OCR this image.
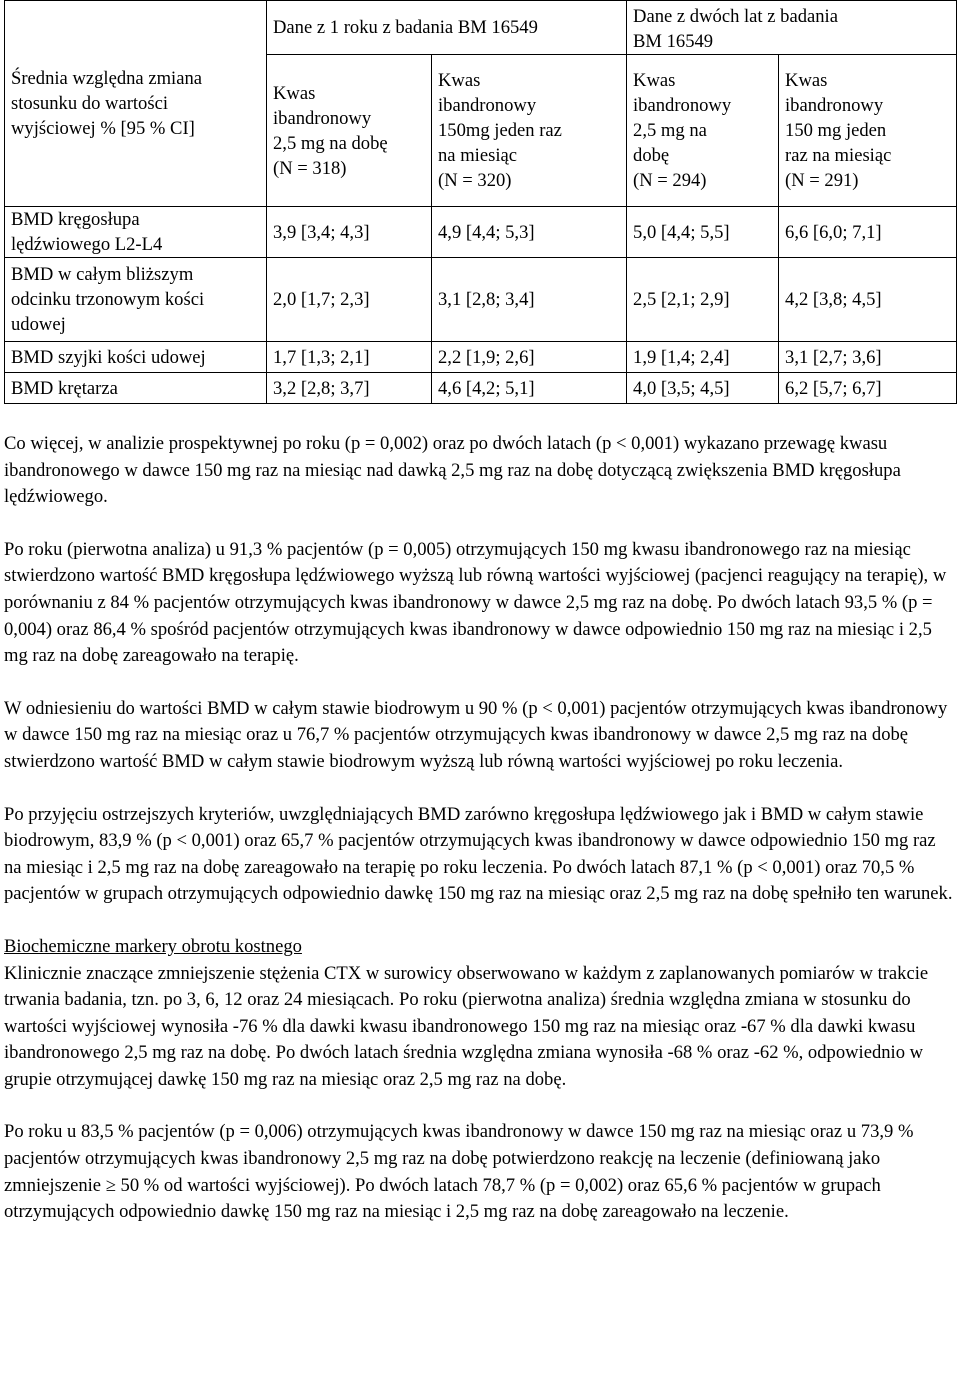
Średnia względna zmiana
stosunku do wartości
wyjściowej % [95 % CI]	Dane z 1 roku z badania BM 16549		Dane z dwóch lat z badania
BM 16549	
	Kwas
ibandronowy
2,5 mg na dobę
(N = 318)	Kwas
ibandronowy
150mg jeden raz
na miesiąc
(N = 320)	Kwas
ibandronowy
2,5 mg na
dobę
(N = 294)	Kwas
ibandronowy
150 mg jeden
raz na miesiąc
(N = 291)
BMD kręgosłupa
lędźwiowego L2-L4	3,9 [3,4; 4,3]	4,9 [4,4; 5,3]	5,0 [4,4; 5,5]	6,6 [6,0; 7,1]
BMD w całym bliższym
odcinku trzonowym kości
udowej	2,0 [1,7; 2,3]	3,1 [2,8; 3,4]	2,5 [2,1; 2,9]	4,2 [3,8; 4,5]
BMD szyjki kości udowej	1,7 [1,3; 2,1]	2,2 [1,9; 2,6]	1,9 [1,4; 2,4]	3,1 [2,7; 3,6]
BMD krętarza	3,2 [2,8; 3,7]	4,6 [4,2; 5,1]	4,0 [3,5; 4,5]	6,2 [5,7; 6,7]

Co więcej, w analizie prospektywnej po roku (p = 0,002) oraz po dwóch latach (p < 0,001) wykazano przewagę kwasu ibandronowego w dawce 150 mg raz na miesiąc nad dawką 2,5 mg raz na dobę dotyczącą zwiększenia BMD kręgosłupa lędźwiowego.

Po roku (pierwotna analiza) u 91,3 % pacjentów (p = 0,005) otrzymujących 150 mg kwasu ibandronowego raz na miesiąc stwierdzono wartość BMD kręgosłupa lędźwiowego wyższą lub równą wartości wyjściowej (pacjenci reagujący na terapię), w porównaniu z 84 % pacjentów otrzymujących kwas ibandronowy w dawce 2,5 mg raz na dobę. Po dwóch latach 93,5 % (p = 0,004) oraz 86,4 % spośród pacjentów otrzymujących kwas ibandronowy w dawce odpowiednio 150 mg raz na miesiąc i 2,5 mg raz na dobę zareagowało na terapię.

W odniesieniu do wartości BMD w całym stawie biodrowym u 90 % (p < 0,001) pacjentów otrzymujących kwas ibandronowy w dawce 150 mg raz na miesiąc oraz u 76,7 % pacjentów otrzymujących kwas ibandronowy w dawce 2,5 mg raz na dobę stwierdzono wartość BMD w całym stawie biodrowym wyższą lub równą wartości wyjściowej po roku leczenia.

Po przyjęciu ostrzejszych kryteriów, uwzględniających BMD zarówno kręgosłupa lędźwiowego jak i BMD w całym stawie biodrowym, 83,9 % (p < 0,001) oraz 65,7 % pacjentów otrzymujących kwas ibandronowy w dawce odpowiednio 150 mg raz na miesiąc i 2,5 mg raz na dobę zareagowało na terapię po roku leczenia. Po dwóch latach 87,1 % (p < 0,001) oraz 70,5 % pacjentów w grupach otrzymujących odpowiednio dawkę 150 mg raz na miesiąc oraz 2,5 mg raz na dobę spełniło ten warunek.

Biochemiczne markery obrotu kostnego

Klinicznie znaczące zmniejszenie stężenia CTX w surowicy obserwowano w każdym z zaplanowanych pomiarów w trakcie trwania badania, tzn. po 3, 6, 12 oraz 24 miesiącach. Po roku (pierwotna analiza) średnia względna zmiana w stosunku do wartości wyjściowej wynosiła -76 % dla dawki kwasu ibandronowego 150 mg raz na miesiąc oraz -67 % dla dawki kwasu ibandronowego 2,5 mg raz na dobę. Po dwóch latach średnia względna zmiana wynosiła -68 % oraz -62 %, odpowiednio w grupie otrzymującej dawkę 150 mg raz na miesiąc oraz 2,5 mg raz na dobę.

Po roku u 83,5 % pacjentów (p = 0,006) otrzymujących kwas ibandronowy w dawce 150 mg raz na miesiąc oraz u 73,9 % pacjentów otrzymujących kwas ibandronowy 2,5 mg raz na dobę potwierdzono reakcję na leczenie (definiowaną jako zmniejszenie ≥ 50 % od wartości wyjściowej). Po dwóch latach 78,7 % (p = 0,002) oraz 65,6 % pacjentów w grupach otrzymujących odpowiednio dawkę 150 mg raz na miesiąc i 2,5 mg raz na dobę zareagowało na leczenie.
